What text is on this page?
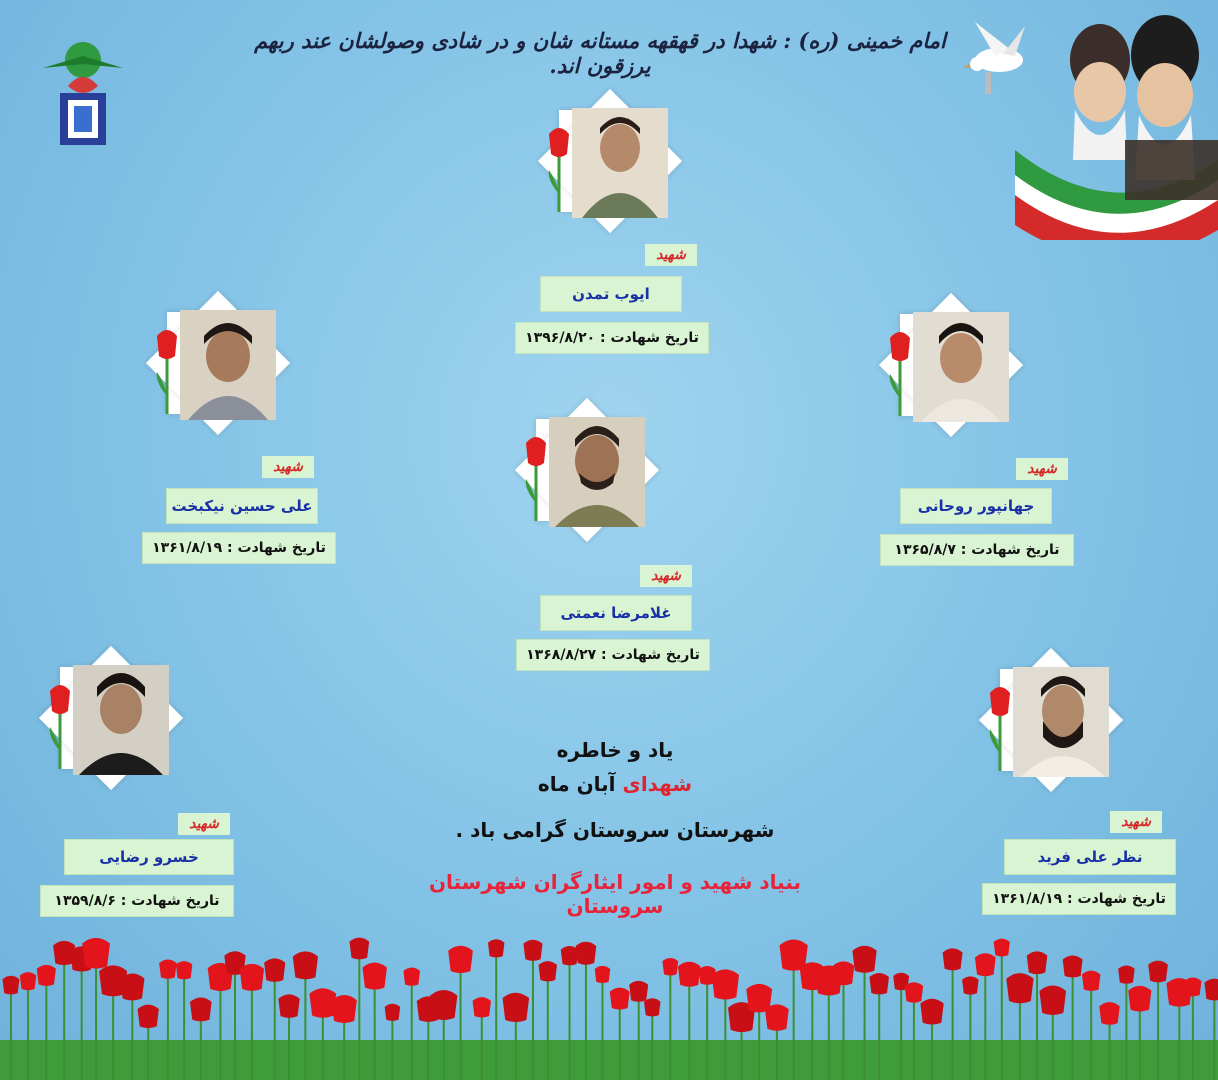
امام خمینی (ره) : شهدا در قهقهه مستانه شان و در شادی وصولشان عند ربهم یرزقون اند.
شهید
ایوب تمدن
تاریخ شهادت : ۱۳۹۶/۸/۲۰
شهید
علی حسین نیکبخت
تاریخ شهادت : ۱۳۶۱/۸/۱۹
شهید
جهانپور روحانی
تاریخ شهادت : ۱۳۶۵/۸/۷
شهید
غلامرضا نعمتی
تاریخ شهادت : ۱۳۶۸/۸/۲۷
شهید
خسرو رضایی
تاریخ شهادت : ۱۳۵۹/۸/۶
شهید
نظر علی فرید
تاریخ شهادت : ۱۳۶۱/۸/۱۹
یاد و خاطره
شهدای آبان ماه
شهرستان سروستان گرامی باد .
بنیاد شهید و امور ایثارگران شهرستان سروستان
